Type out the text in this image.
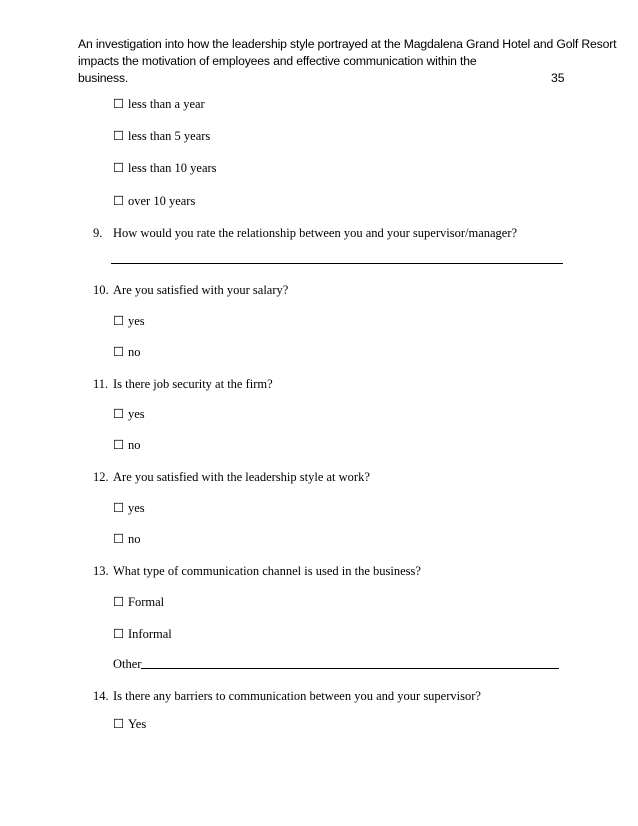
An investigation into how the leadership style portrayed at the Magdalena Grand Hotel and Golf Resort
impacts the motivation of employees and effective communication within the
business.	35
☐ less than a year
☐ less than 5 years
☐ less than 10 years
☐ over 10 years
9. How would you rate the relationship between you and your supervisor/manager?
10. Are you satisfied with your salary?
☐ yes
☐ no
11. Is there job security at the firm?
☐ yes
☐ no
12. Are you satisfied with the leadership style at work?
☐ yes
☐ no
13. What type of communication channel is used in the business?
☐ Formal
☐ Informal
Other
14. Is there any barriers to communication between you and your supervisor?
☐ Yes
